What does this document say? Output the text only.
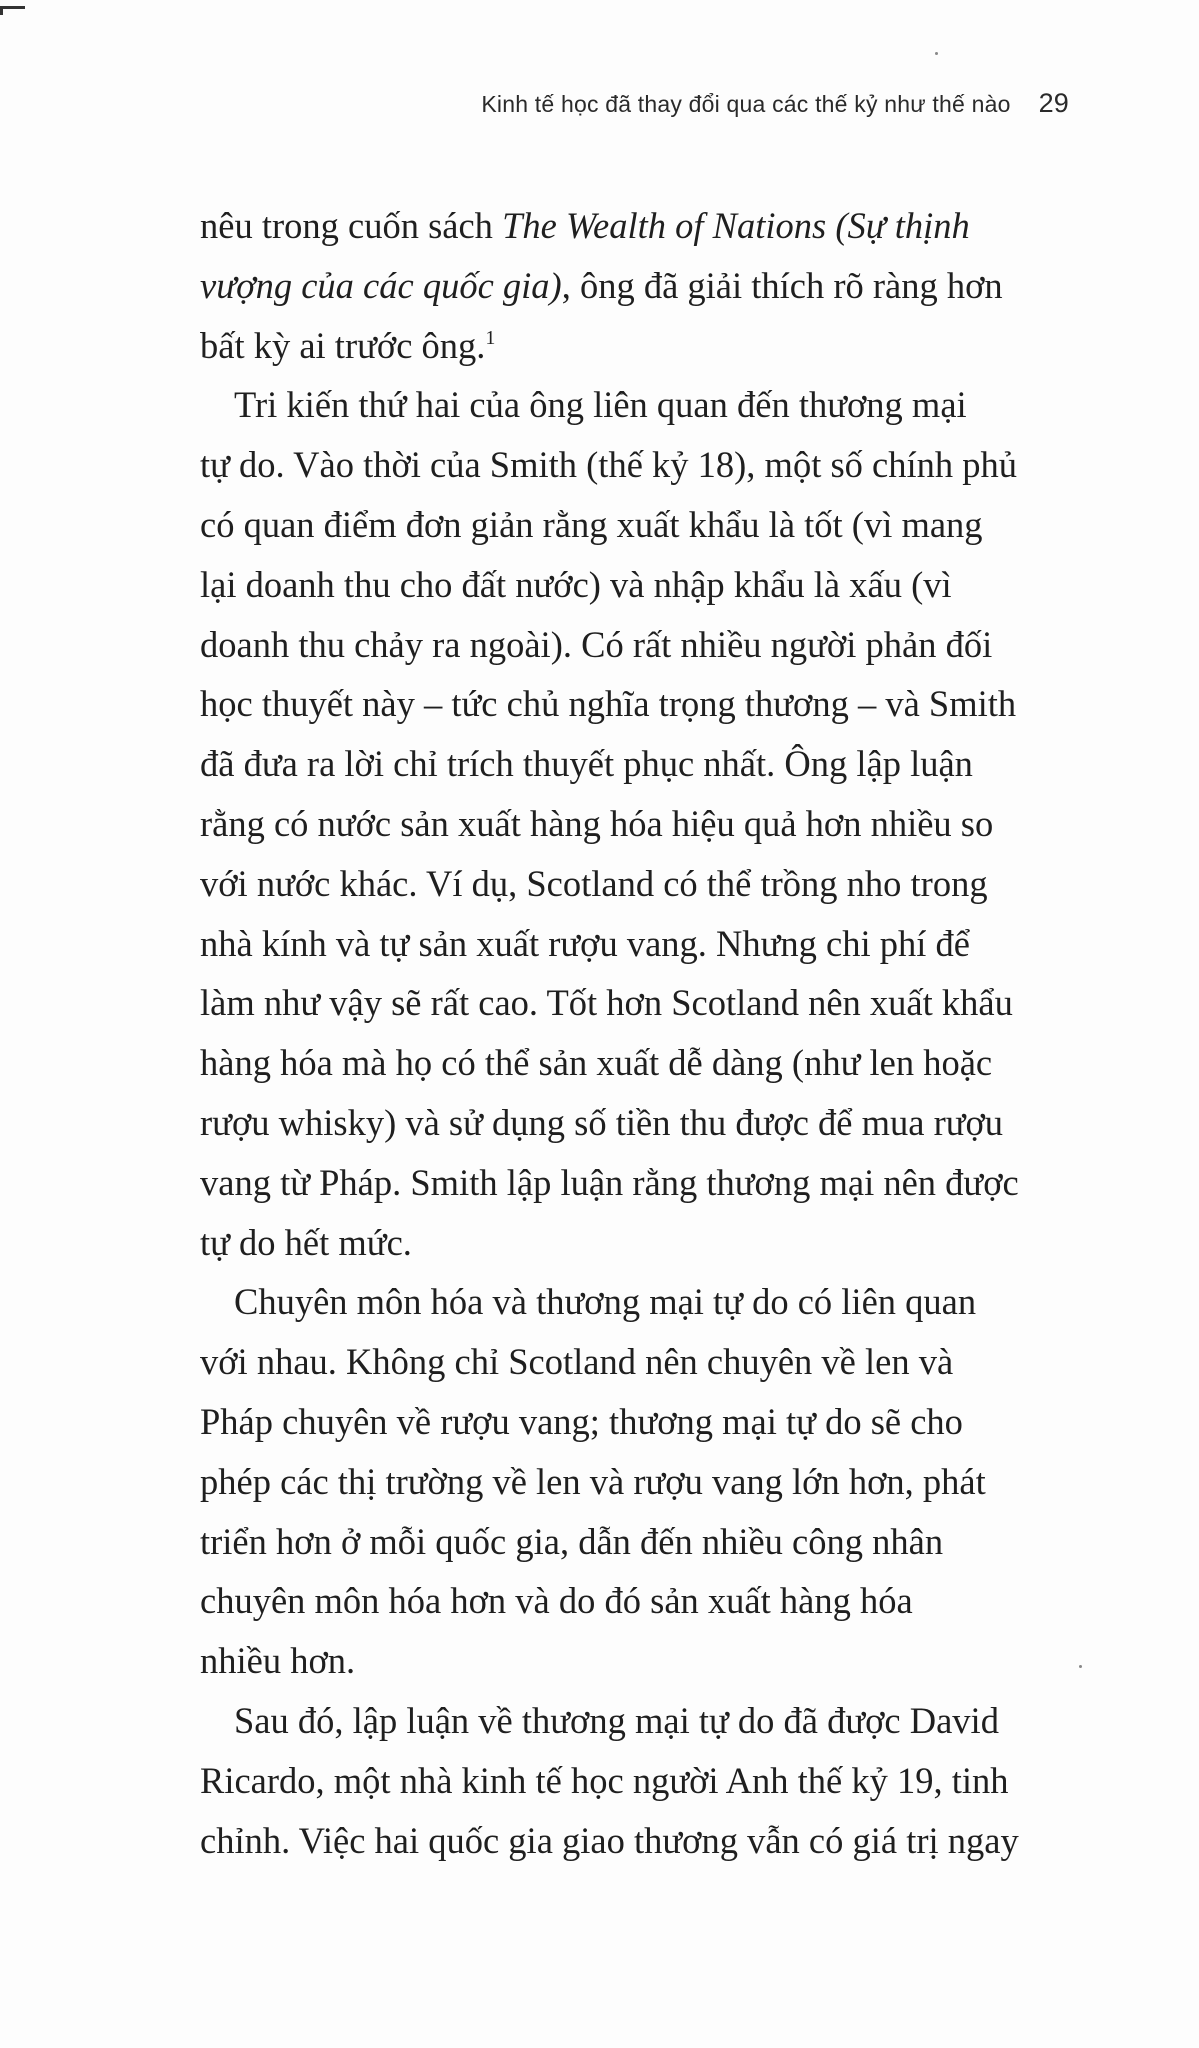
Kinh tế học đã thay đổi qua các thế kỷ như thế nào 29
nêu trong cuốn sách The Wealth of Nations (Sự thịnh
vượng của các quốc gia), ông đã giải thích rõ ràng hơn
bất kỳ ai trước ông.$^1$
Tri kiến thứ hai của ông liên quan đến thương mại
tự do. Vào thời của Smith (thế kỷ 18), một số chính phủ
có quan điểm đơn giản rằng xuất khẩu là tốt (vì mang
lại doanh thu cho đất nước) và nhập khẩu là xấu (vì
doanh thu chảy ra ngoài). Có rất nhiều người phản đối
học thuyết này – tức chủ nghĩa trọng thương – và Smith
đã đưa ra lời chỉ trích thuyết phục nhất. Ông lập luận
rằng có nước sản xuất hàng hóa hiệu quả hơn nhiều so
với nước khác. Ví dụ, Scotland có thể trồng nho trong
nhà kính và tự sản xuất rượu vang. Nhưng chi phí để
làm như vậy sẽ rất cao. Tốt hơn Scotland nên xuất khẩu
hàng hóa mà họ có thể sản xuất dễ dàng (như len hoặc
rượu whisky) và sử dụng số tiền thu được để mua rượu
vang từ Pháp. Smith lập luận rằng thương mại nên được
tự do hết mức.
Chuyên môn hóa và thương mại tự do có liên quan
với nhau. Không chỉ Scotland nên chuyên về len và
Pháp chuyên về rượu vang; thương mại tự do sẽ cho
phép các thị trường về len và rượu vang lớn hơn, phát
triển hơn ở mỗi quốc gia, dẫn đến nhiều công nhân
chuyên môn hóa hơn và do đó sản xuất hàng hóa
nhiều hơn.
Sau đó, lập luận về thương mại tự do đã được David
Ricardo, một nhà kinh tế học người Anh thế kỷ 19, tinh
chỉnh. Việc hai quốc gia giao thương vẫn có giá trị ngay
